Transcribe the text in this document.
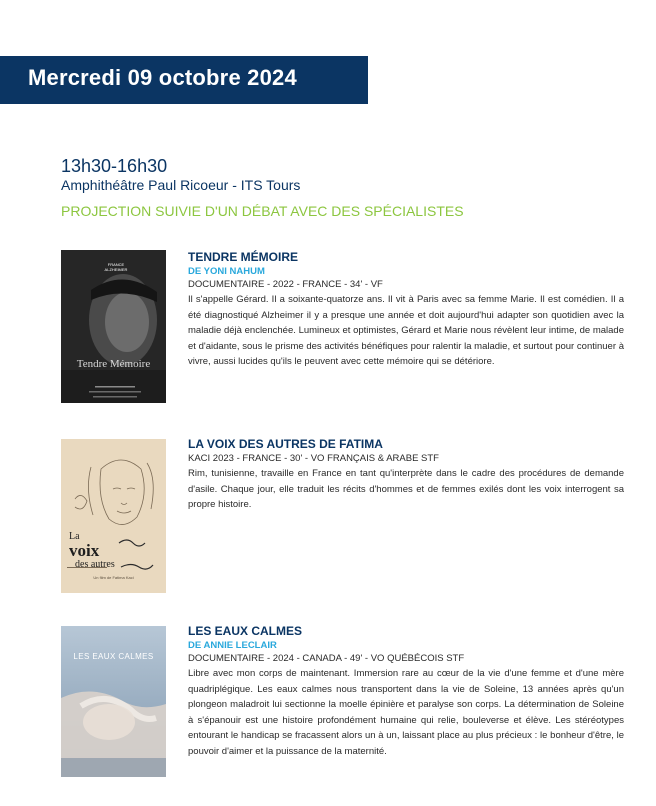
Mercredi 09 octobre 2024
13h30-16h30
Amphithéâtre Paul Ricoeur - ITS Tours
PROJECTION SUIVIE D'UN DÉBAT AVEC DES SPÉCIALISTES
FRANCE ALZHEIMER
Tendre Mémoire

TENDRE MÉMOIRE

DE YONI NAHUM

DOCUMENTAIRE - 2022 - FRANCE - 34' - VF

Il s'appelle Gérard. Il a soixante-quatorze ans. Il vit à Paris avec sa femme Marie. Il est comédien. Il a été diagnostiqué Alzheimer il y a presque une année et doit aujourd'hui adapter son quotidien avec la maladie déjà enclenchée. Lumineux et optimistes, Gérard et Marie nous révèlent leur intime, de malade et d'aidante, sous le prisme des activités bénéfiques pour ralentir la maladie, et surtout pour continuer à vivre, aussi lucides qu'ils le peuvent avec cette mémoire qui se détériore.

La
voix
des autres
Un film de Fatima Kaci

LA VOIX DES AUTRES DE FATIMA

KACI 2023 - FRANCE - 30' - VO FRANÇAIS & ARABE STF

Rim, tunisienne, travaille en France en tant qu'interprète dans le cadre des procédures de demande d'asile. Chaque jour, elle traduit les récits d'hommes et de femmes exilés dont les voix interrogent sa propre histoire.

LES EAUX CALMES

LES EAUX CALMES

DE ANNIE LECLAIR

DOCUMENTAIRE - 2024 - CANADA - 49' - VO QUÉBÉCOIS STF

Libre avec mon corps de maintenant. Immersion rare au cœur de la vie d'une femme et d'une mère quadriplégique. Les eaux calmes nous transportent dans la vie de Soleine, 13 années après qu'un plongeon maladroit lui sectionne la moelle épinière et paralyse son corps. La détermination de Soleine à s'épanouir est une histoire profondément humaine qui relie, bouleverse et élève. Les stéréotypes entourant le handicap se fracassent alors un à un, laissant place au plus précieux : le bonheur d'être, le pouvoir d'aimer et la puissance de la maternité.
